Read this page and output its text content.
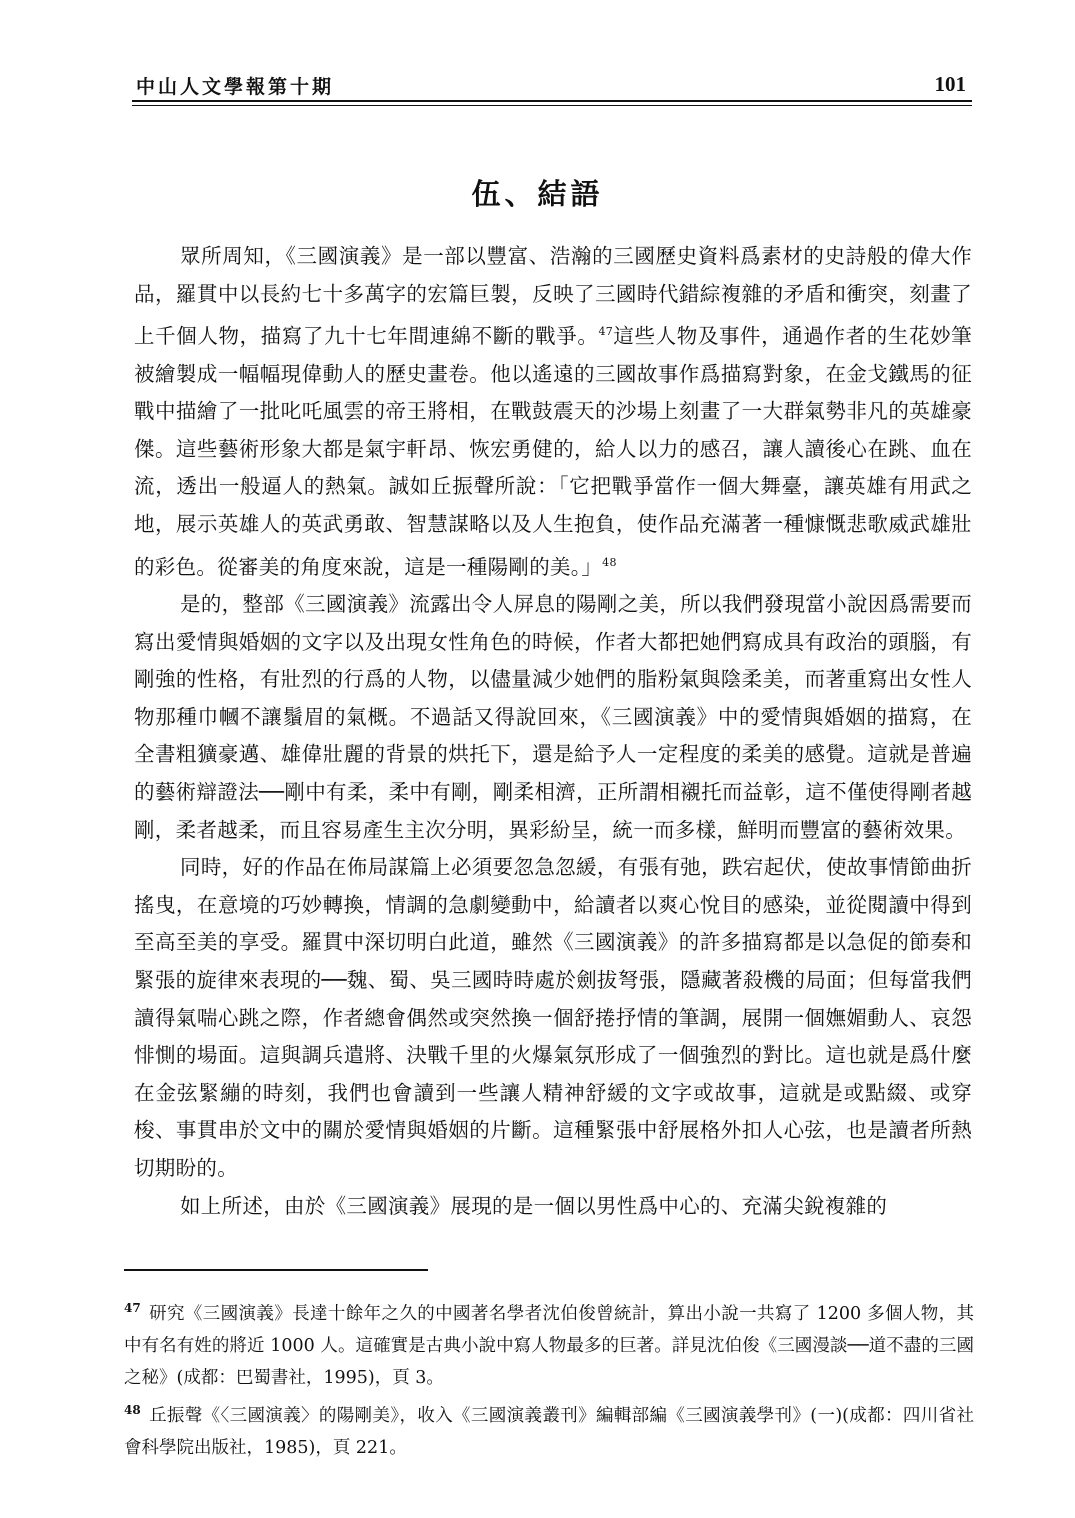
中山人文學報第十期	101
伍、結語

眾所周知，《三國演義》是一部以豐富、浩瀚的三國歷史資料爲素材的史詩般的偉大作品，羅貫中以長約七十多萬字的宏篇巨製，反映了三國時代錯綜複雜的矛盾和衝突，刻畫了上千個人物，描寫了九十七年間連綿不斷的戰爭。$^{47}$這些人物及事件，通過作者的生花妙筆被繪製成一幅幅現偉動人的歷史畫卷。他以遙遠的三國故事作爲描寫對象，在金戈鐵馬的征戰中描繪了一批叱吒風雲的帝王將相，在戰鼓震天的沙場上刻畫了一大群氣勢非凡的英雄豪傑。這些藝術形象大都是氣宇軒昂、恢宏勇健的，給人以力的感召，讓人讀後心在跳、血在流，透出一般逼人的熱氣。誠如丘振聲所說：「它把戰爭當作一個大舞臺，讓英雄有用武之地，展示英雄人的英武勇敢、智慧謀略以及人生抱負，使作品充滿著一種慷慨悲歌威武雄壯的彩色。從審美的角度來說，這是一種陽剛的美。」$^{48}$

是的，整部《三國演義》流露出令人屏息的陽剛之美，所以我們發現當小說因爲需要而寫出愛情與婚姻的文字以及出現女性角色的時候，作者大都把她們寫成具有政治的頭腦，有剛強的性格，有壯烈的行爲的人物，以儘量減少她們的脂粉氣與陰柔美，而著重寫出女性人物那種巾幗不讓鬚眉的氣概。不過話又得說回來，《三國演義》中的愛情與婚姻的描寫，在全書粗獷豪邁、雄偉壯麗的背景的烘托下，還是給予人一定程度的柔美的感覺。這就是普遍的藝術辯證法──剛中有柔，柔中有剛，剛柔相濟，正所謂相襯托而益彰，這不僅使得剛者越剛，柔者越柔，而且容易產生主次分明，異彩紛呈，統一而多樣，鮮明而豐富的藝術效果。

同時，好的作品在佈局謀篇上必須要忽急忽緩，有張有弛，跌宕起伏，使故事情節曲折搖曳，在意境的巧妙轉換，情調的急劇變動中，給讀者以爽心悅目的感染，並從閱讀中得到至高至美的享受。羅貫中深切明白此道，雖然《三國演義》的許多描寫都是以急促的節奏和緊張的旋律來表現的──魏、蜀、吳三國時時處於劍拔弩張，隱藏著殺機的局面；但每當我們讀得氣喘心跳之際，作者總會偶然或突然換一個舒捲抒情的筆調，展開一個嫵媚動人、哀怨悱惻的場面。這與調兵遣將、決戰千里的火爆氣氛形成了一個強烈的對比。這也就是爲什麼在金弦緊繃的時刻，我們也會讀到一些讓人精神舒緩的文字或故事，這就是或點綴、或穿梭、事貫串於文中的關於愛情與婚姻的片斷。這種緊張中舒展格外扣人心弦，也是讀者所熱切期盼的。

如上所述，由於《三國演義》展現的是一個以男性爲中心的、充滿尖銳複雜的

$^{47}$ 研究《三國演義》長達十餘年之久的中國著名學者沈伯俊曾統計，算出小說一共寫了 1200 多個人物，其中有名有姓的將近 1000 人。這確實是古典小說中寫人物最多的巨著。詳見沈伯俊《三國漫談──道不盡的三國之秘》(成都：巴蜀書社，1995)，頁 3。

$^{48}$ 丘振聲《〈三國演義〉的陽剛美》，收入《三國演義叢刊》編輯部編《三國演義學刊》(一)(成都：四川省社會科學院出版社，1985)，頁 221。
